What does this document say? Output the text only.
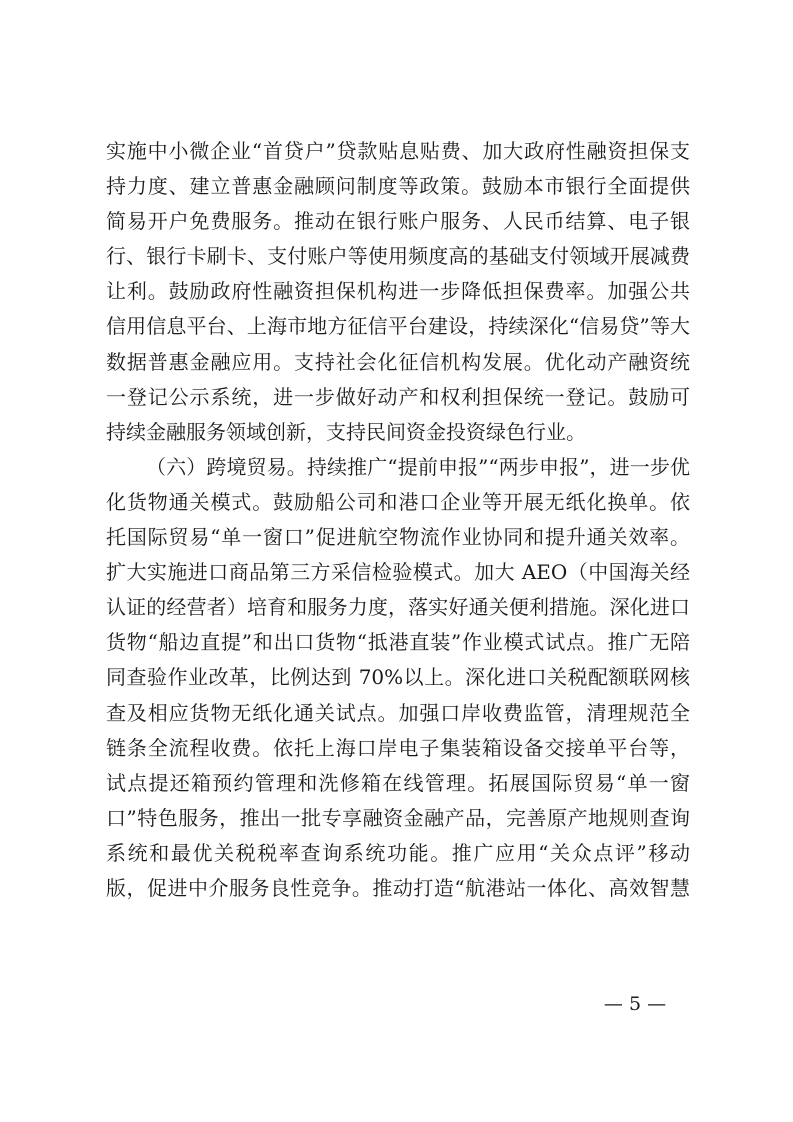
实施中小微企业“首贷户”贷款贴息贴费、加大政府性融资担保支
持力度、建立普惠金融顾问制度等政策。鼓励本市银行全面提供
简易开户免费服务。推动在银行账户服务、人民币结算、电子银
行、银行卡刷卡、支付账户等使用频度高的基础支付领域开展减费
让利。鼓励政府性融资担保机构进一步降低担保费率。加强公共
信用信息平台、上海市地方征信平台建设，持续深化“信易贷”等大
数据普惠金融应用。支持社会化征信机构发展。优化动产融资统
一登记公示系统，进一步做好动产和权利担保统一登记。鼓励可
持续金融服务领域创新，支持民间资金投资绿色行业。
（六）跨境贸易。持续推广“提前申报”“两步申报”，进一步优
化货物通关模式。鼓励船公司和港口企业等开展无纸化换单。依
托国际贸易“单一窗口”促进航空物流作业协同和提升通关效率。
扩大实施进口商品第三方采信检验模式。加大 AEO（中国海关经
认证的经营者）培育和服务力度，落实好通关便利措施。深化进口
货物“船边直提”和出口货物“抵港直装”作业模式试点。推广无陪
同查验作业改革，比例达到 70%以上。深化进口关税配额联网核
查及相应货物无纸化通关试点。加强口岸收费监管，清理规范全
链条全流程收费。依托上海口岸电子集装箱设备交接单平台等，
试点提还箱预约管理和洗修箱在线管理。拓展国际贸易“单一窗
口”特色服务，推出一批专享融资金融产品，完善原产地规则查询
系统和最优关税税率查询系统功能。推广应用“关众点评”移动
版，促进中介服务良性竞争。推动打造“航港站一体化、高效智慧
— 5 —
